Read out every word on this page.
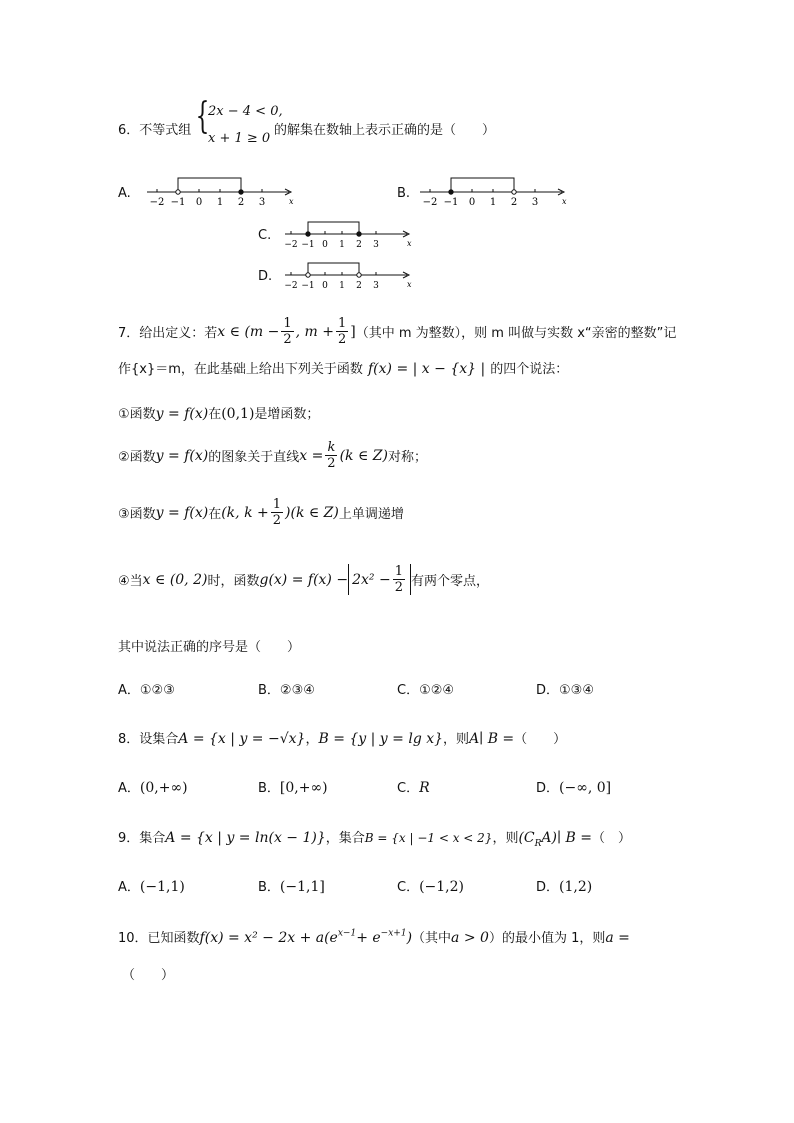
6．不等式组 {
2x − 4 < 0,
x + 1 ≥ 0
的解集在数轴上表示正确的是（　　）
A.	B.
C.
D.
x
−2 −1 0 1 2 3	x
−2 −1 0 1 2 3
x
−2 −1 0 1 2 3
x
−2 −1 0 1 2 3
7．给出定义：若 x ∈ ($m - \frac{1}{2}$ , $m + \frac{1}{2}$ ] （其中 m 为整数），则 m 叫做与实数 x“亲密的整数”记
作{x}＝m，在此基础上给出下列关于函数 f(x) = | x − {x} | 的四个说法：
①函数y = f(x)在(0,1)是增函数；
②函数 y = f(x) 的图象关于直线 $x = \frac{k}{2} (k$ ∈ Z) 对称；
③函数 y = f(x) 在 (k, $k + \frac{1}{2} )(k$ ∈ Z) 上单调递增
④当 x ∈ (0, 2) 时，函数 $g(x) = f(x) - 2x^2 - \frac{1}{2}$ 有两个零点，
其中说法正确的序号是（　　）
A．①②③	B．②③④	C．①②④	D．①③④
8．设集合A = {x | y = −√x}，B = {y | y = lg x}，则A∣ B =（　　）
A．(0,+∞)	B．[0,+∞)	C．R	D．(−∞, 0]
9．集合A = {x | y = ln(x − 1)}，集合B = {x | −1 < x < 2}，则$(C_RA)∣$ B =（　）
A．(−1,1)	B．(−1,1]	C．(−1,2)	D．(1,2)
10．已知函数$f(x) = x^2 - 2x + a(e^{x-1}+ e^{-x+1})$（其中a > 0）的最小值为 1，则a =
（　　）
